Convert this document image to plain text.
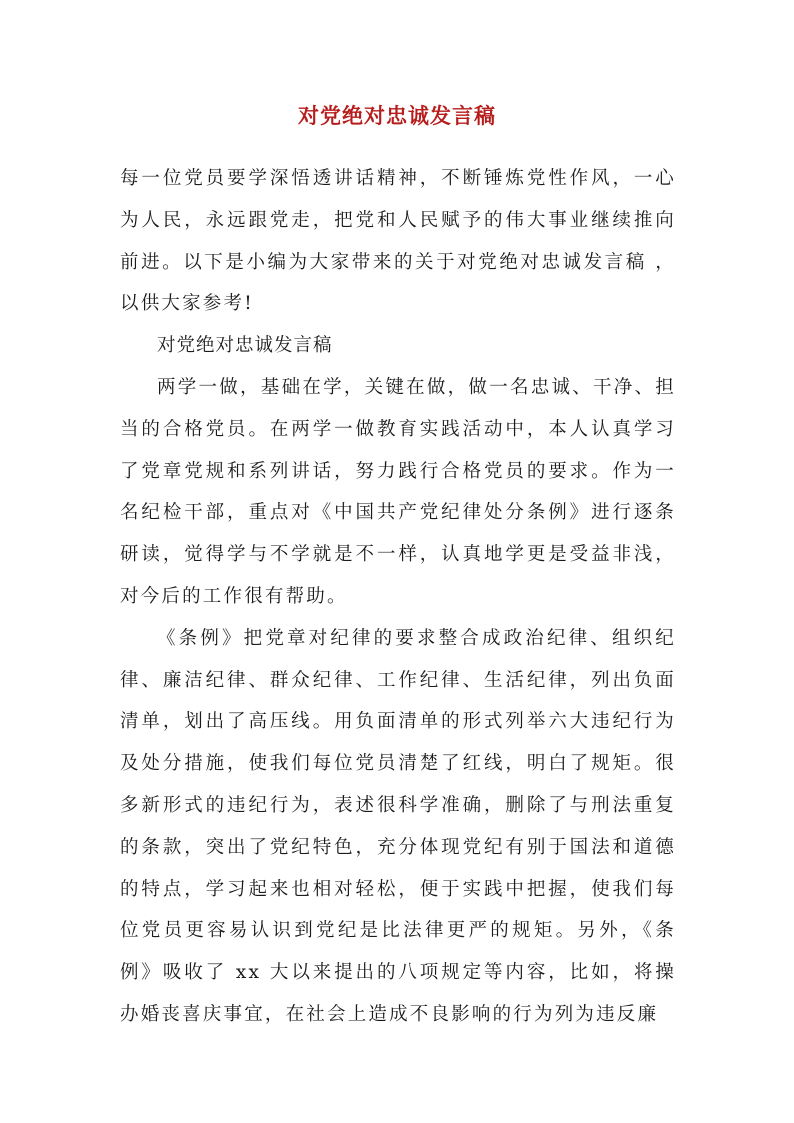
对党绝对忠诚发言稿

每一位党员要学深悟透讲话精神，不断锤炼党性作风，一心为人民，永远跟党走，把党和人民赋予的伟大事业继续推向前进。以下是小编为大家带来的关于对党绝对忠诚发言稿 ，以供大家参考!

对党绝对忠诚发言稿

两学一做，基础在学，关键在做，做一名忠诚、干净、担当的合格党员。在两学一做教育实践活动中，本人认真学习了党章党规和系列讲话，努力践行合格党员的要求。作为一名纪检干部，重点对《中国共产党纪律处分条例》进行逐条研读，觉得学与不学就是不一样，认真地学更是受益非浅，对今后的工作很有帮助。

《条例》把党章对纪律的要求整合成政治纪律、组织纪律、廉洁纪律、群众纪律、工作纪律、生活纪律，列出负面清单，划出了高压线。用负面清单的形式列举六大违纪行为及处分措施，使我们每位党员清楚了红线，明白了规矩。很多新形式的违纪行为，表述很科学准确，删除了与刑法重复的条款，突出了党纪特色，充分体现党纪有别于国法和道德的特点，学习起来也相对轻松，便于实践中把握，使我们每位党员更容易认识到党纪是比法律更严的规矩。另外，《条例》吸收了 xx 大以来提出的八项规定等内容，比如，将操办婚丧喜庆事宜，在社会上造成不良影响的行为列为违反廉
